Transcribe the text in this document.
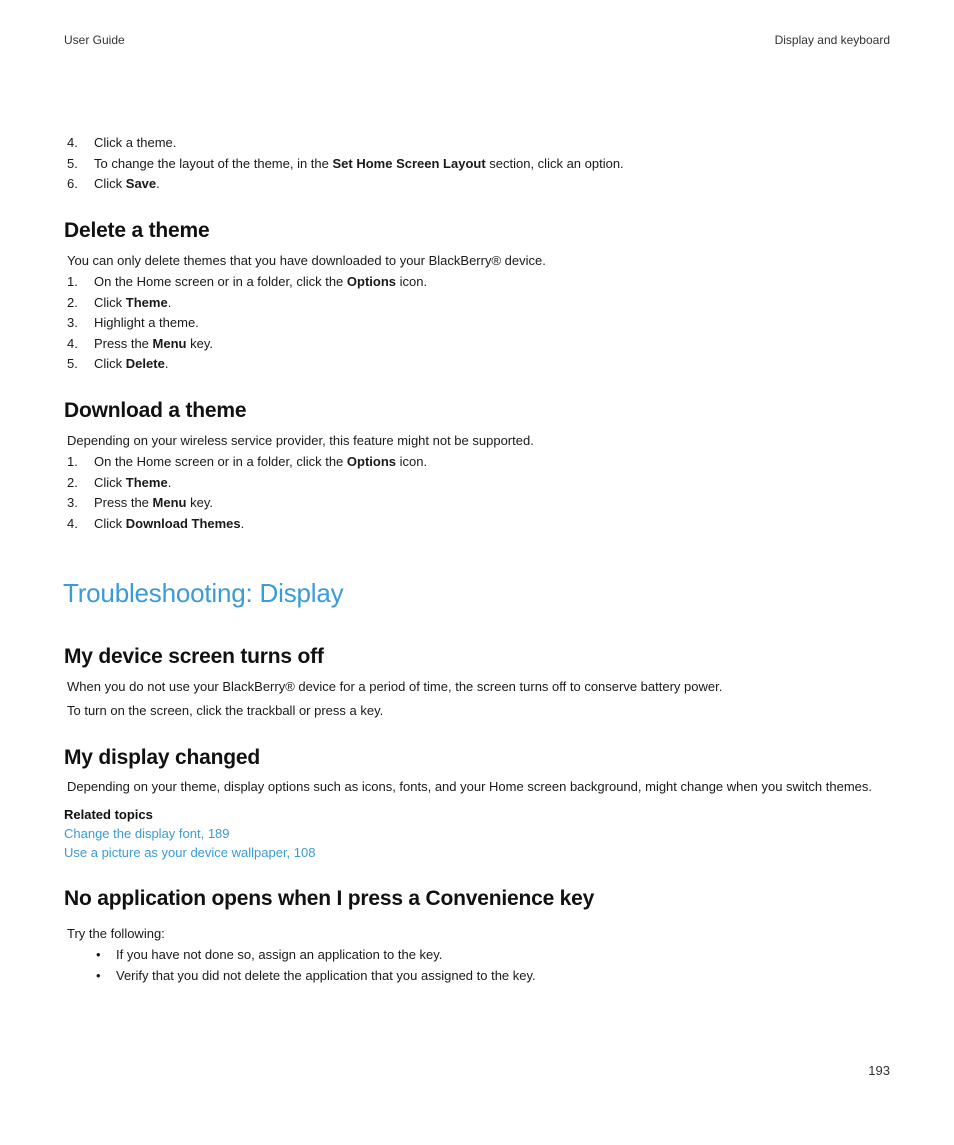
User Guide	Display and keyboard
4. Click a theme.
5. To change the layout of the theme, in the Set Home Screen Layout section, click an option.
6. Click Save.
Delete a theme

You can only delete themes that you have downloaded to your BlackBerry® device.

1. On the Home screen or in a folder, click the Options icon.
2. Click Theme.
3. Highlight a theme.
4. Press the Menu key.
5. Click Delete.
Download a theme

Depending on your wireless service provider, this feature might not be supported.

1. On the Home screen or in a folder, click the Options icon.
2. Click Theme.
3. Press the Menu key.
4. Click Download Themes.
Troubleshooting: Display
My device screen turns off

When you do not use your BlackBerry® device for a period of time, the screen turns off to conserve battery power.

To turn on the screen, click the trackball or press a key.

My display changed

Depending on your theme, display options such as icons, fonts, and your Home screen background, might change when you switch themes.

Related topics
Change the display font, 189
Use a picture as your device wallpaper, 108
No application opens when I press a Convenience key

Try the following:

• If you have not done so, assign an application to the key.
• Verify that you did not delete the application that you assigned to the key.
193
